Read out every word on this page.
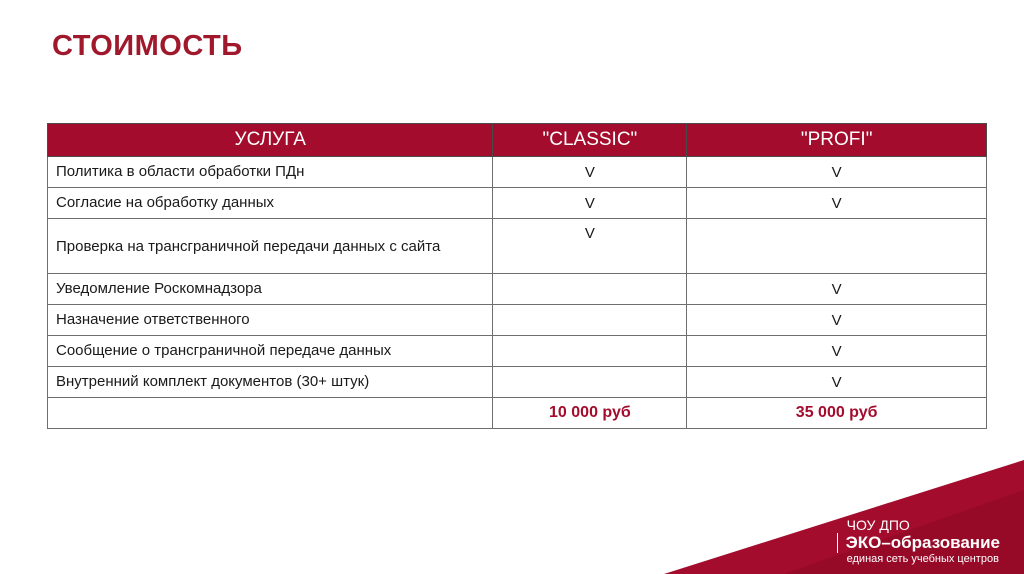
СТОИМОСТЬ
УСЛУГА	"CLASSIC"	"PROFI"
Политика в области обработки ПДн	V	V
Согласие на обработку данных	V	V
Проверка на трансграничной передачи данных с сайта	V	
Уведомление Роскомнадзора		V
Назначение ответственного		V
Сообщение о трансграничной передаче данных		V
Внутренний комплект документов (30+ штук)		V
	10 000 руб	35 000 руб
ЧОУ ДПО
ЭКО–образование
единая сеть учебных центров
